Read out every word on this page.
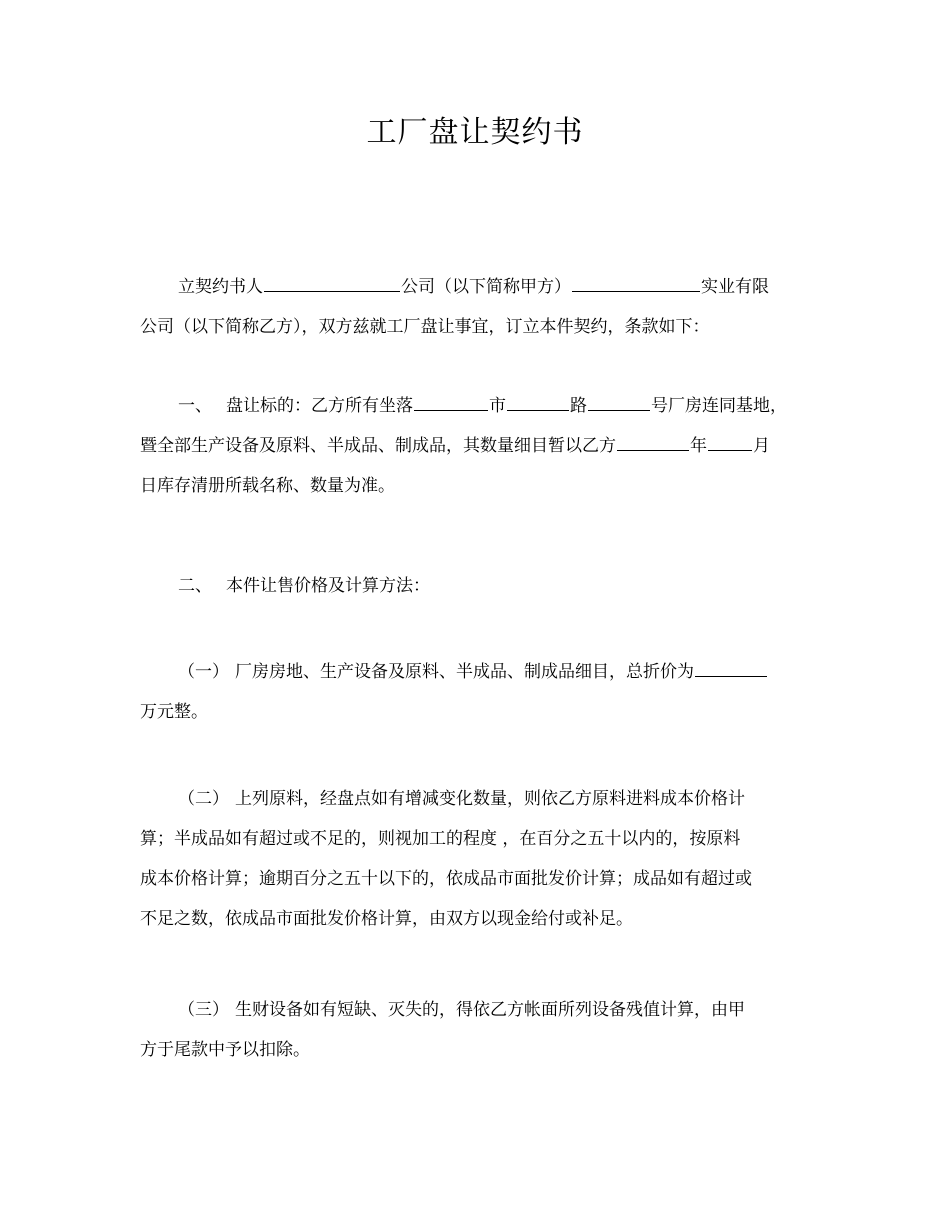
工厂盘让契约书
立契约书人	公司（以下简称甲方）	实业有限
公司（以下简称乙方），双方兹就工厂盘让事宜，订立本件契约，条款如下：
一、 盘让标的：乙方所有坐落	市	路	号厂房连同基地，
暨全部生产设备及原料、半成品、制成品，其数量细目暂以乙方	年	月
日库存清册所载名称、数量为准。
二、 本件让售价格及计算方法：
（一） 厂房房地、生产设备及原料、半成品、制成品细目，总折价为
万元整。
（二） 上列原料，经盘点如有增减变化数量，则依乙方原料进料成本价格计
算；半成品如有超过或不足的，则视加工的程度 ，在百分之五十以内的，按原料
成本价格计算；逾期百分之五十以下的，依成品市面批发价计算；成品如有超过或
不足之数，依成品市面批发价格计算，由双方以现金给付或补足。
（三） 生财设备如有短缺、灭失的，得依乙方帐面所列设备残值计算，由甲
方于尾款中予以扣除。
